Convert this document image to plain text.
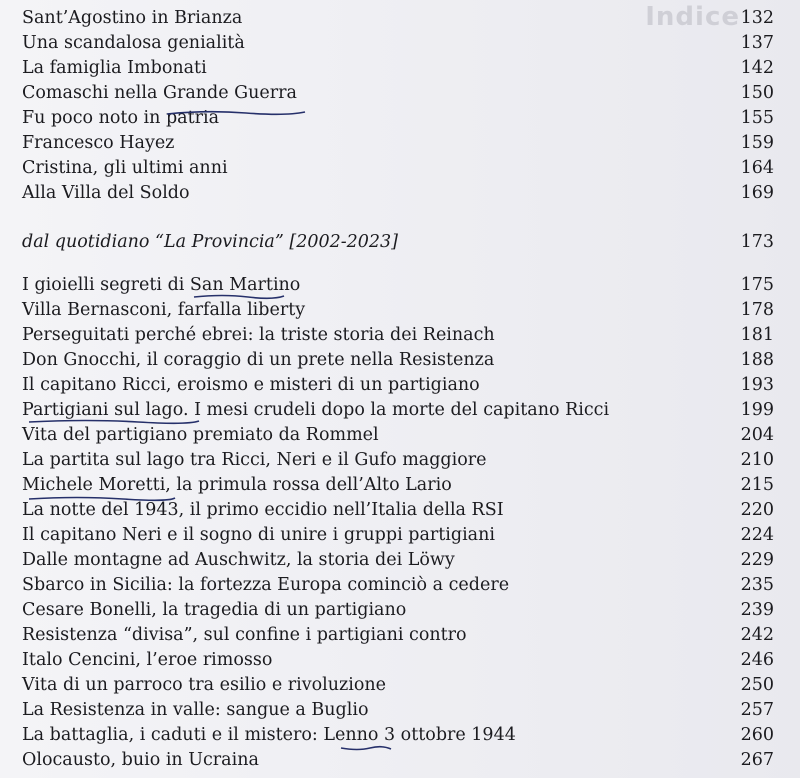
Indice
Sant’Agostino in Brianza	132
Una scandalosa genialità	137
La famiglia Imbonati	142
Comaschi nella Grande Guerra	150
Fu poco noto in patria	155
Francesco Hayez	159
Cristina, gli ultimi anni	164
Alla Villa del Soldo	169
dal quotidiano “La Provincia” [2002-2023]	173
I gioielli segreti di San Martino	175
Villa Bernasconi, farfalla liberty	178
Perseguitati perché ebrei: la triste storia dei Reinach	181
Don Gnocchi, il coraggio di un prete nella Resistenza	188
Il capitano Ricci, eroismo e misteri di un partigiano	193
Partigiani sul lago. I mesi crudeli dopo la morte del capitano Ricci	199
Vita del partigiano premiato da Rommel	204
La partita sul lago tra Ricci, Neri e il Gufo maggiore	210
Michele Moretti, la primula rossa dell’Alto Lario	215
La notte del 1943, il primo eccidio nell’Italia della RSI	220
Il capitano Neri e il sogno di unire i gruppi partigiani	224
Dalle montagne ad Auschwitz, la storia dei Löwy	229
Sbarco in Sicilia: la fortezza Europa cominciò a cedere	235
Cesare Bonelli, la tragedia di un partigiano	239
Resistenza “divisa”, sul confine i partigiani contro	242
Italo Cencini, l’eroe rimosso	246
Vita di un parroco tra esilio e rivoluzione	250
La Resistenza in valle: sangue a Buglio	257
La battaglia, i caduti e il mistero: Lenno 3 ottobre 1944	260
Olocausto, buio in Ucraina	267
